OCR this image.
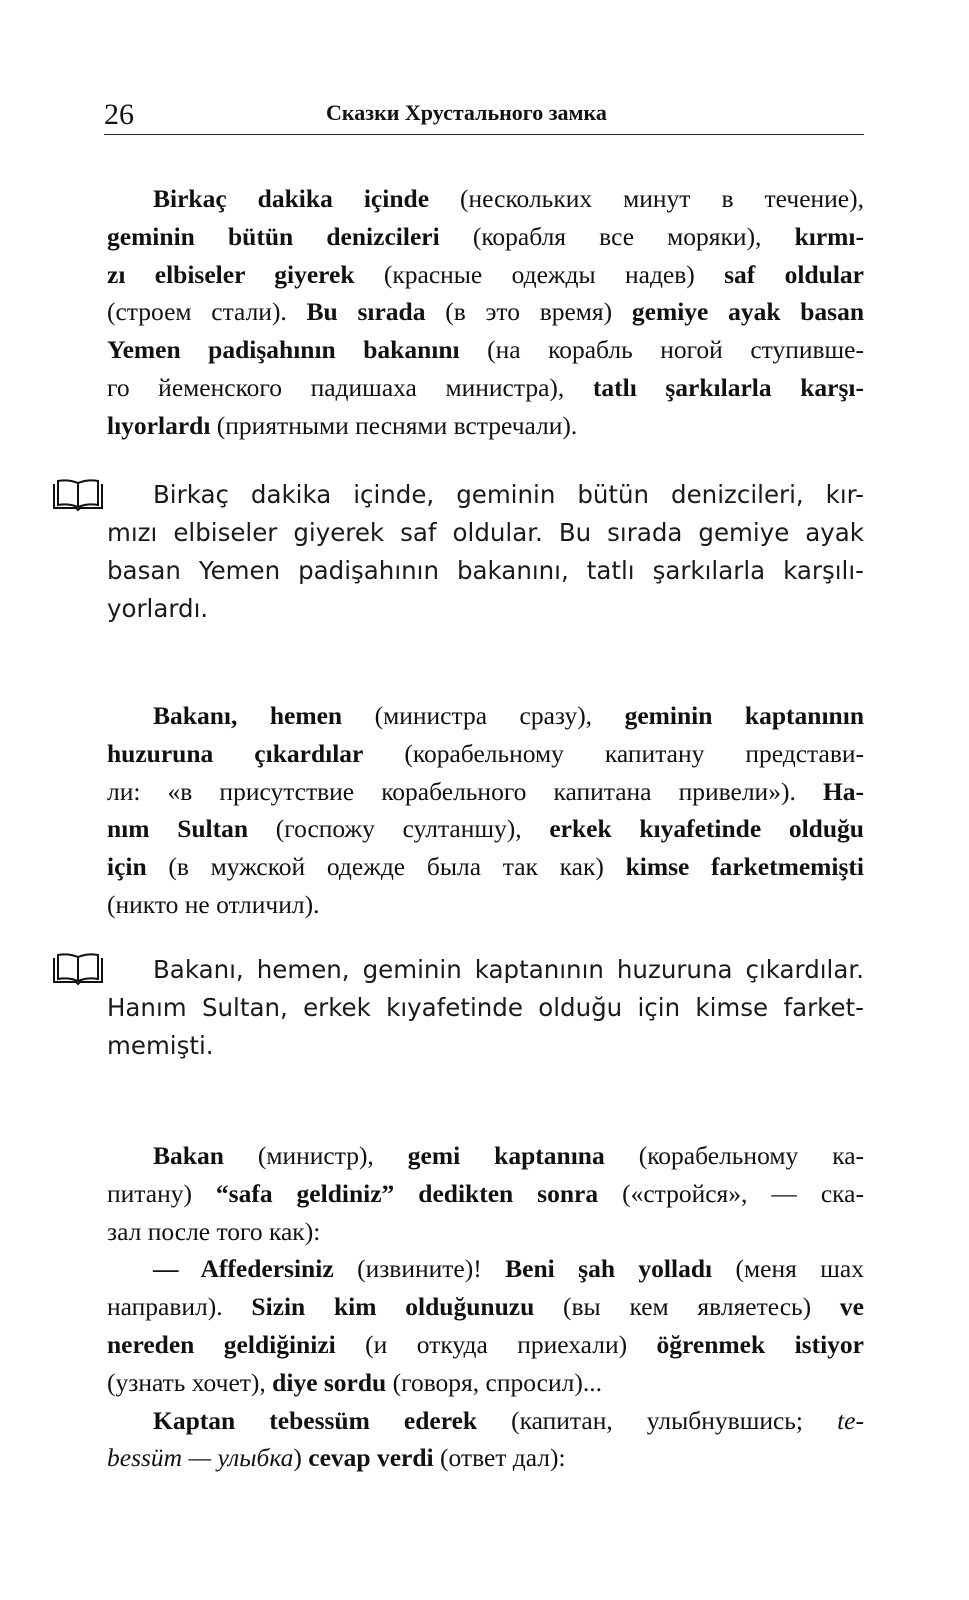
26	Сказки Хрустального замка
Birkaç dakika içinde (нескольких минут в течение),
geminin bütün denizcileri (корабля все моряки), kırmı-
zı elbiseler giyerek (красные одежды надев) saf oldular
(строем стали). Bu sırada (в это время) gemiye ayak basan
Yemen padişahının bakanını (на корабль ногой ступивше-
го йеменского падишаха министра), tatlı şarkılarla karşı-
lıyorlardı (приятными песнями встречали).
Birkaç dakika içinde, geminin bütün denizcileri, kır-
mızı elbiseler giyerek saf oldular. Bu sırada gemiye ayak
basan Yemen padişahının bakanını, tatlı şarkılarla karşılı-
yorlardı.
Bakanı, hemen (министра сразу), geminin kaptanının
huzuruna çıkardılar (корабельному капитану представи-
ли: «в присутствие корабельного капитана привели»). Ha-
nım Sultan (госпожу султаншу), erkek kıyafetinde olduğu
için (в мужской одежде была так как) kimse farketmemişti
(никто не отличил).
Bakanı, hemen, geminin kaptanının huzuruna çıkardılar.
Hanım Sultan, erkek kıyafetinde olduğu için kimse farket-
memişti.
Bakan (министр), gemi kaptanına (корабельному ка-
питану) “safa geldiniz” dedikten sonra («стройся», — ска-
зал после того как):
— Affedersiniz (извините)! Beni şah yolladı (меня шах
направил). Sizin kim olduğunuzu (вы кем являетесь) ve
nereden geldiğinizi (и откуда приехали) öğrenmek istiyor
(узнать хочет), diye sordu (говоря, спросил)...
Kaptan tebessüm ederek (капитан, улыбнувшись; te-
bessüm — улыбка) cevap verdi (ответ дал):
